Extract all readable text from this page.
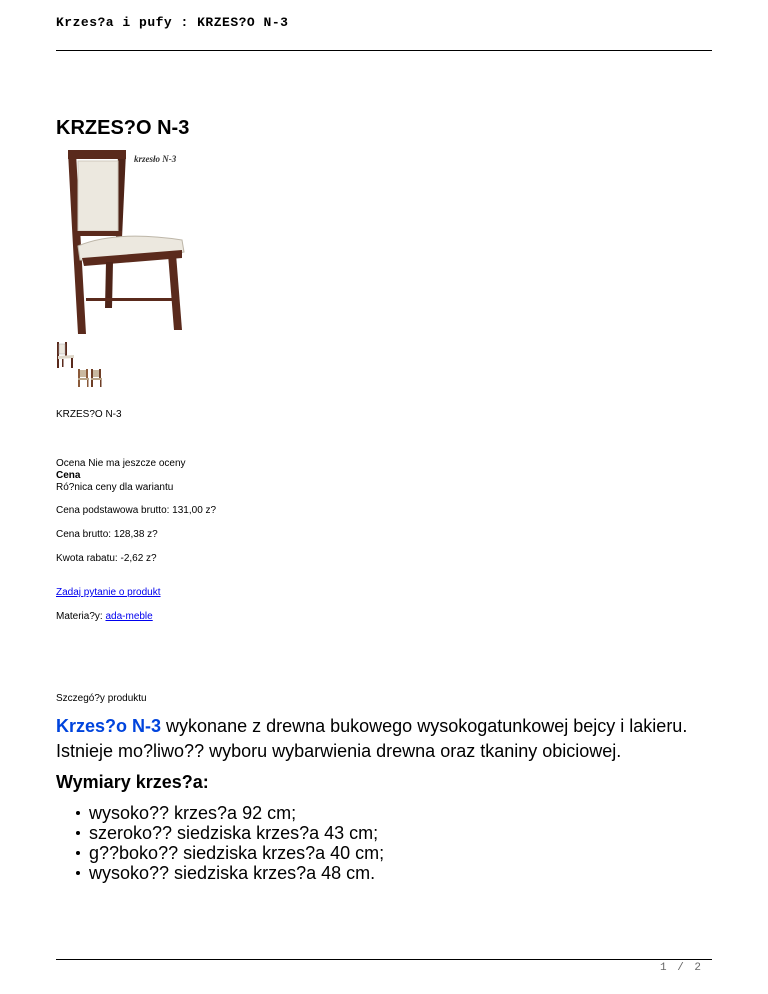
Krzes?a i pufy : KRZES?O N-3
KRZES?O N-3
krzesło N-3
KRZES?O N-3
Ocena Nie ma jeszcze oceny
Cena
Ró?nica ceny dla wariantu
Cena podstawowa brutto: 131,00 z?
Cena brutto: 128,38 z?
Kwota rabatu: -2,62 z?
Zadaj pytanie o produkt
Materia?y: ada-meble
Szczegó?y produktu
Krzes?o N-3 wykonane z drewna bukowego wysokogatunkowej bejcy i lakieru. Istnieje mo?liwo?? wyboru wybarwienia drewna oraz tkaniny obiciowej.
Wymiary krzes?a:
wysoko?? krzes?a 92 cm;
szeroko?? siedziska krzes?a 43 cm;
g??boko?? siedziska krzes?a 40 cm;
wysoko?? siedziska krzes?a 48 cm.
1 / 2
